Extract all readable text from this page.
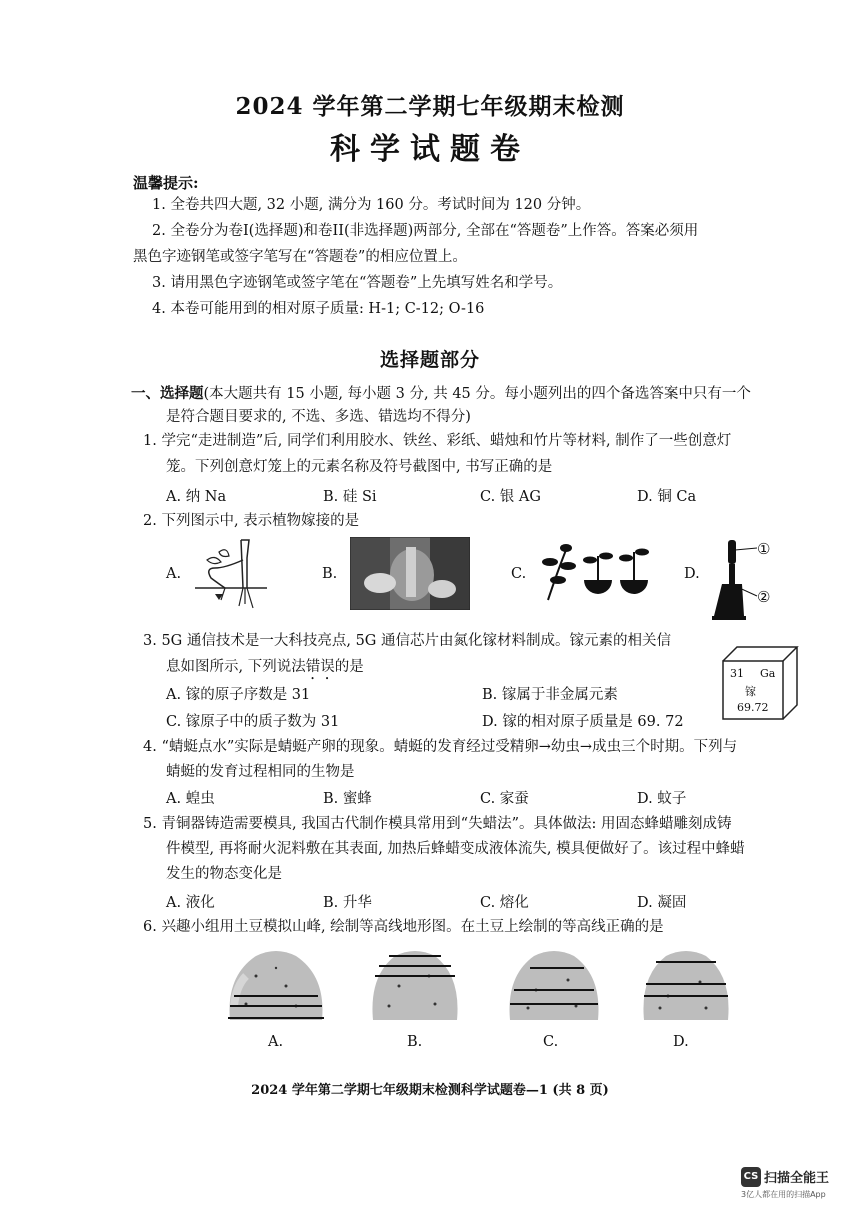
2024 学年第二学期七年级期末检测
科学试题卷
温馨提示:
1. 全卷共四大题, 32 小题, 满分为 160 分。考试时间为 120 分钟。
2. 全卷分为卷I(选择题)和卷II(非选择题)两部分, 全部在“答题卷”上作答。答案必须用
黑色字迹钢笔或签字笔写在“答题卷”的相应位置上。
3. 请用黑色字迹钢笔或签字笔在“答题卷”上先填写姓名和学号。
4. 本卷可能用到的相对原子质量: H-1; C-12; O-16
选择题部分
一、选择题(本大题共有 15 小题, 每小题 3 分, 共 45 分。每小题列出的四个备选答案中只有一个
是符合题目要求的, 不选、多选、错选均不得分)
1. 学完“走进制造”后, 同学们利用胶水、铁丝、彩纸、蜡烛和竹片等材料, 制作了一些创意灯
笼。下列创意灯笼上的元素名称及符号截图中, 书写正确的是
A. 纳 Na	B. 硅 Si	C. 银 AG	D. 铜 Ca
2. 下列图示中, 表示植物嫁接的是
A.	B.	C.	D.
①
②
3. 5G 通信技术是一大科技亮点, 5G 通信芯片由氮化镓材料制成。镓元素的相关信
息如图所示, 下列说法错误的是
A. 镓的原子序数是 31	B. 镓属于非金属元素
C. 镓原子中的质子数为 31	D. 镓的相对原子质量是 69. 72
31 Ga
镓
69.72
4. “蜻蜓点水”实际是蜻蜓产卵的现象。蜻蜓的发育经过受精卵→幼虫→成虫三个时期。下列与
蜻蜓的发育过程相同的生物是
A. 蝗虫	B. 蜜蜂	C. 家蚕	D. 蚊子
5. 青铜器铸造需要模具, 我国古代制作模具常用到“失蜡法”。具体做法: 用固态蜂蜡雕刻成铸
件模型, 再将耐火泥料敷在其表面, 加热后蜂蜡变成液体流失, 模具便做好了。该过程中蜂蜡
发生的物态变化是
A. 液化	B. 升华	C. 熔化	D. 凝固
6. 兴趣小组用土豆模拟山峰, 绘制等高线地形图。在土豆上绘制的等高线正确的是
A.	B.	C.	D.
2024 学年第二学期七年级期末检测科学试题卷—1 (共 8 页)
CS 扫描全能王
3亿人都在用的扫描App
